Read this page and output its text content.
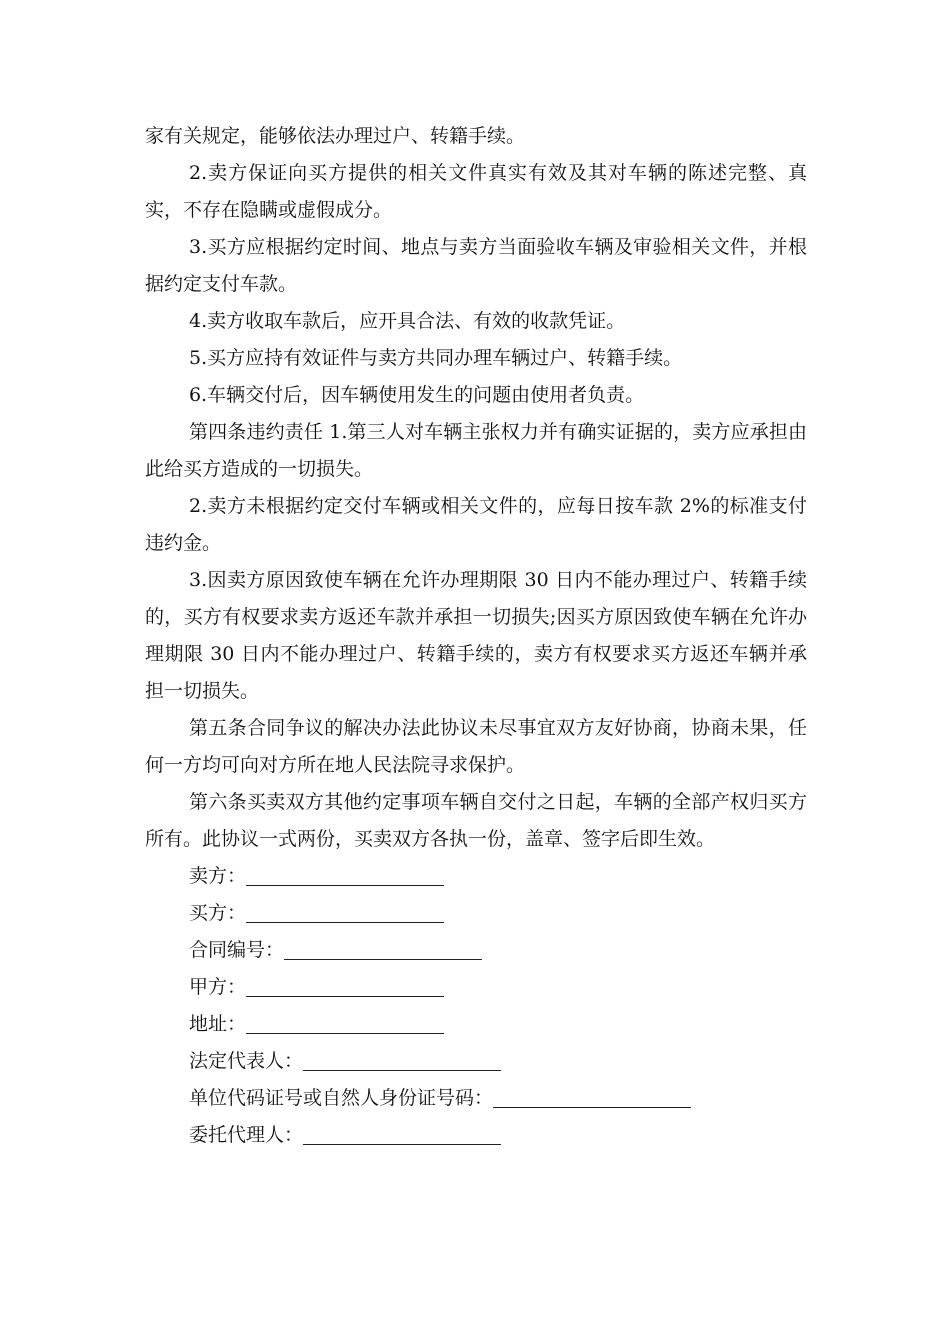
家有关规定，能够依法办理过户、转籍手续。

2.卖方保证向买方提供的相关文件真实有效及其对车辆的陈述完整、真实，不存在隐瞒或虚假成分。

3.买方应根据约定时间、地点与卖方当面验收车辆及审验相关文件，并根据约定支付车款。

4.卖方收取车款后，应开具合法、有效的收款凭证。

5.买方应持有效证件与卖方共同办理车辆过户、转籍手续。

6.车辆交付后，因车辆使用发生的问题由使用者负责。

第四条违约责任 1.第三人对车辆主张权力并有确实证据的，卖方应承担由此给买方造成的一切损失。

2.卖方未根据约定交付车辆或相关文件的，应每日按车款 2%的标准支付违约金。

3.因卖方原因致使车辆在允许办理期限 30 日内不能办理过户、转籍手续的，买方有权要求卖方返还车款并承担一切损失;因买方原因致使车辆在允许办理期限 30 日内不能办理过户、转籍手续的，卖方有权要求买方返还车辆并承担一切损失。

第五条合同争议的解决办法此协议未尽事宜双方友好协商，协商未果，任何一方均可向对方所在地人民法院寻求保护。

第六条买卖双方其他约定事项车辆自交付之日起，车辆的全部产权归买方所有。此协议一式两份，买卖双方各执一份，盖章、签字后即生效。

卖方：
买方：
合同编号：
甲方：
地址：
法定代表人：
单位代码证号或自然人身份证号码：
委托代理人：
